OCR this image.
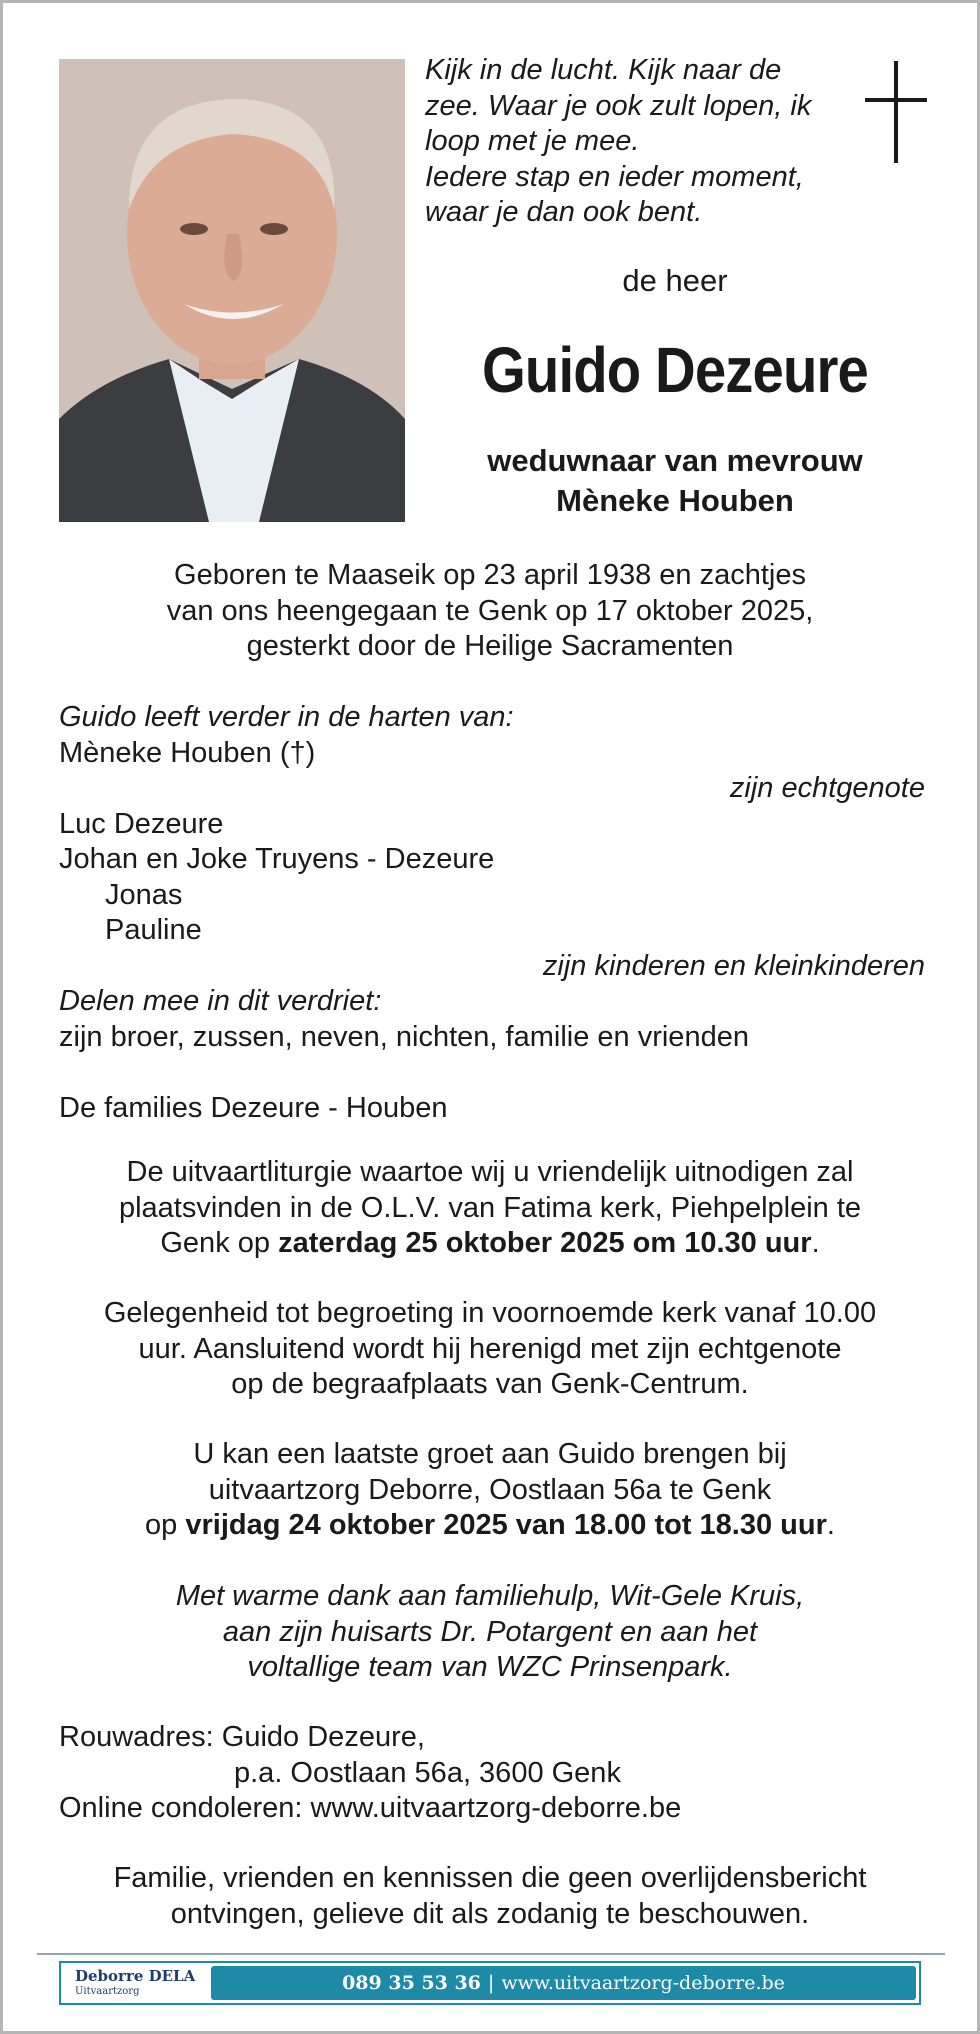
Kijk in de lucht. Kijk naar de
zee. Waar je ook zult lopen, ik
loop met je mee.
Iedere stap en ieder moment,
waar je dan ook bent.
de heer
Guido Dezeure
weduwnaar van mevrouw
Mèneke Houben
Geboren te Maaseik op 23 april 1938 en zachtjes
van ons heengegaan te Genk op 17 oktober 2025,
gesterkt door de Heilige Sacramenten
Guido leeft verder in de harten van:
Mèneke Houben (†)
zijn echtgenote
Luc Dezeure
Johan en Joke Truyens - Dezeure
Jonas
Pauline
zijn kinderen en kleinkinderen
Delen mee in dit verdriet:
zijn broer, zussen, neven, nichten, familie en vrienden

De families Dezeure - Houben
De uitvaartliturgie waartoe wij u vriendelijk uitnodigen zal
plaatsvinden in de O.L.V. van Fatima kerk, Piehpelplein te
Genk op zaterdag 25 oktober 2025 om 10.30 uur.
Gelegenheid tot begroeting in voornoemde kerk vanaf 10.00
uur. Aansluitend wordt hij herenigd met zijn echtgenote
op de begraafplaats van Genk-Centrum.
U kan een laatste groet aan Guido brengen bij
uitvaartzorg Deborre, Oostlaan 56a te Genk
op vrijdag 24 oktober 2025 van 18.00 tot 18.30 uur.
Met warme dank aan familiehulp, Wit-Gele Kruis,
aan zijn huisarts Dr. Potargent en aan het
voltallige team van WZC Prinsenpark.
Rouwadres: Guido Dezeure,
p.a. Oostlaan 56a, 3600 Genk
Online condoleren: www.uitvaartzorg-deborre.be
Familie, vrienden en kennissen die geen overlijdensbericht
ontvingen, gelieve dit als zodanig te beschouwen.
Deborre DELA
Uitvaartzorg	089 35 53 36 | www.uitvaartzorg-deborre.be
